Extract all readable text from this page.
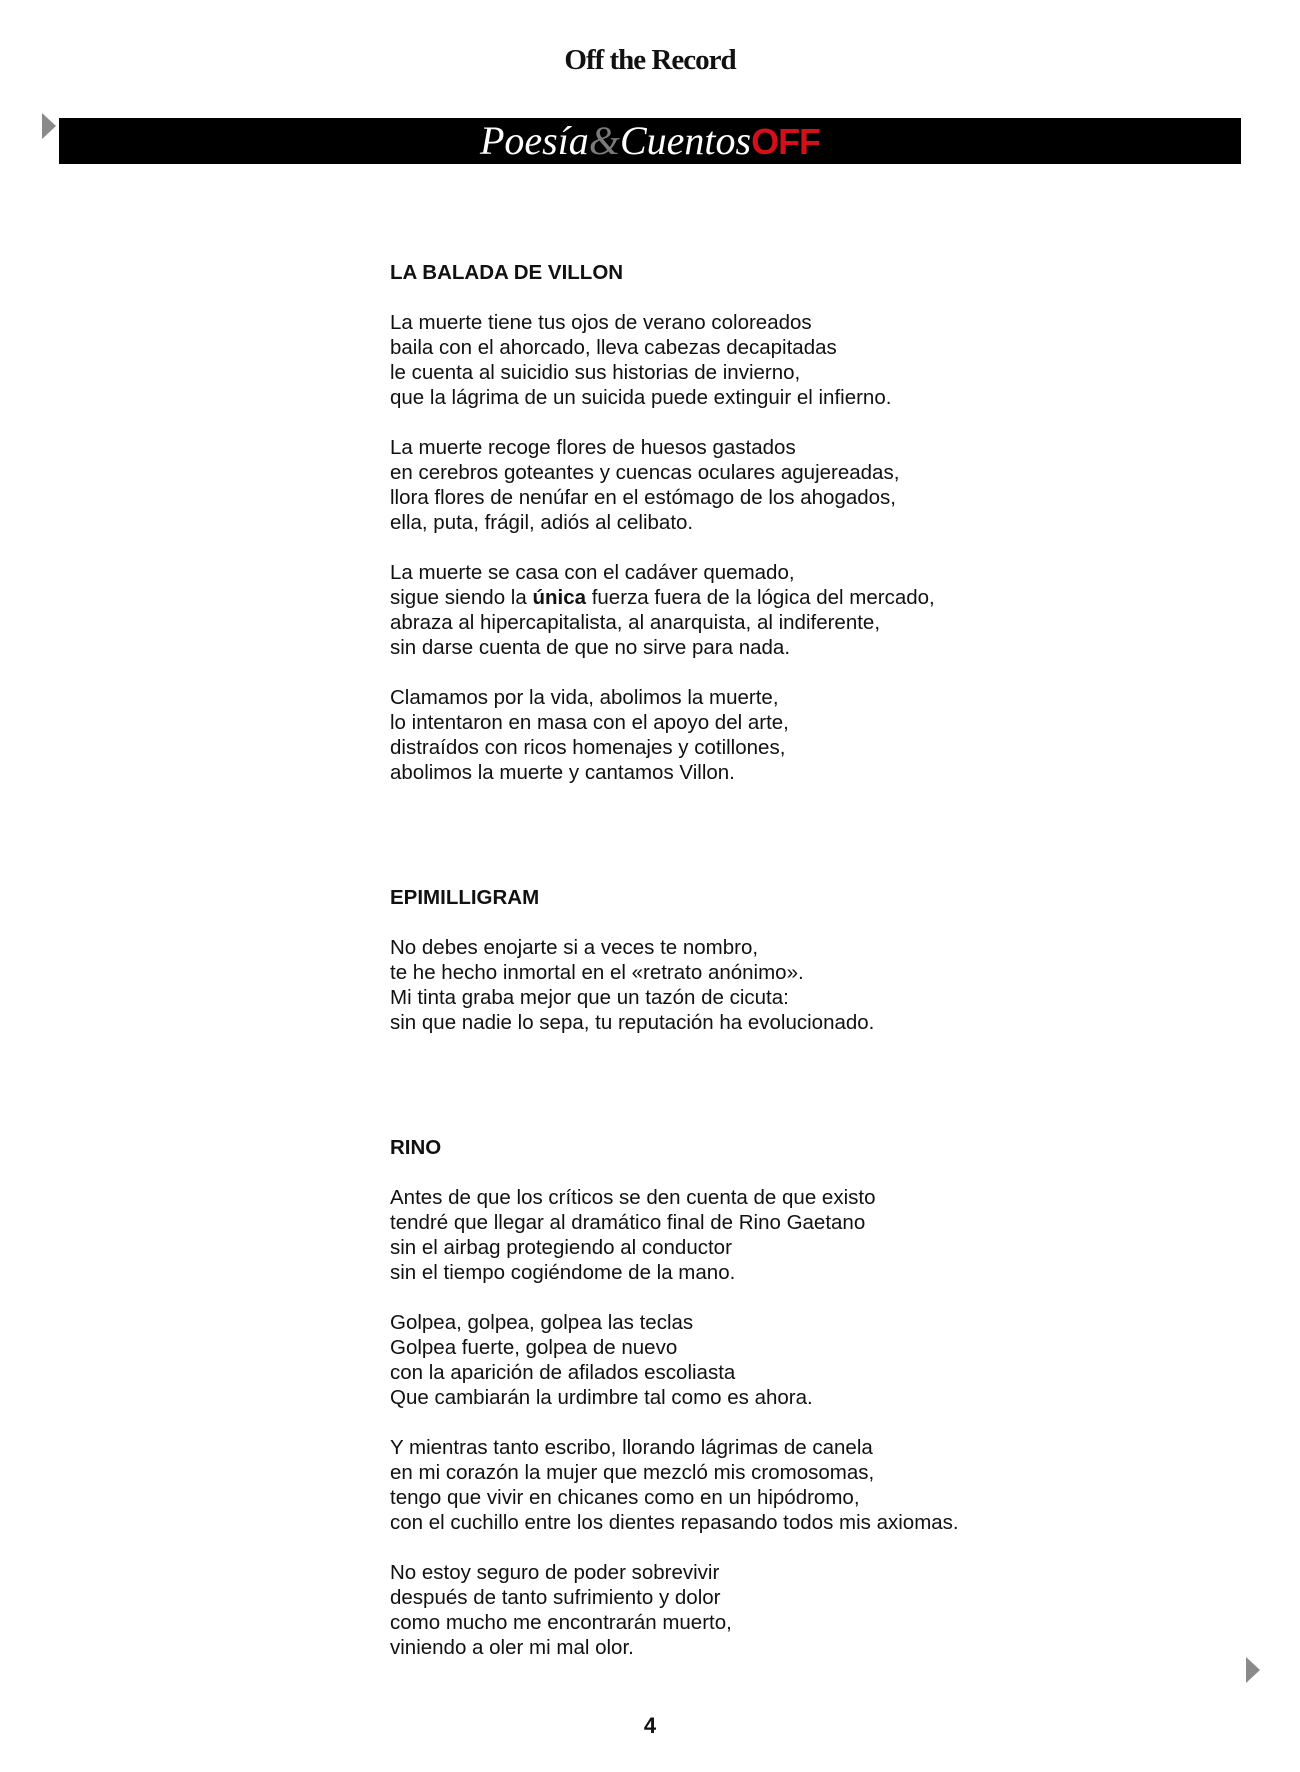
Off the Record
Poesía&CuentosOFF
LA BALADA DE VILLON
La muerte tiene tus ojos de verano coloreados
baila con el ahorcado, lleva cabezas decapitadas
le cuenta al suicidio sus historias de invierno,
que la lágrima de un suicida puede extinguir el infierno.
La muerte recoge flores de huesos gastados
en cerebros goteantes y cuencas oculares agujereadas,
llora flores de nenúfar en el estómago de los ahogados,
ella, puta, frágil, adiós al celibato.
La muerte se casa con el cadáver quemado,
sigue siendo la única fuerza fuera de la lógica del mercado,
abraza al hipercapitalista, al anarquista, al indiferente,
sin darse cuenta de que no sirve para nada.
Clamamos por la vida, abolimos la muerte,
lo intentaron en masa con el apoyo del arte,
distraídos con ricos homenajes y cotillones,
abolimos la muerte y cantamos Villon.
EPIMILLIGRAM
No debes enojarte si a veces te nombro,
te he hecho inmortal en el «retrato anónimo».
Mi tinta graba mejor que un tazón de cicuta:
sin que nadie lo sepa, tu reputación ha evolucionado.
RINO
Antes de que los críticos se den cuenta de que existo
tendré que llegar al dramático final de Rino Gaetano
sin el airbag protegiendo al conductor
sin el tiempo cogiéndome de la mano.
Golpea, golpea, golpea las teclas
Golpea fuerte, golpea de nuevo
con la aparición de afilados escoliasta
Que cambiarán la urdimbre tal como es ahora.
Y mientras tanto escribo, llorando lágrimas de canela
en mi corazón la mujer que mezcló mis cromosomas,
tengo que vivir en chicanes como en un hipódromo,
con el cuchillo entre los dientes repasando todos mis axiomas.
No estoy seguro de poder sobrevivir
después de tanto sufrimiento y dolor
como mucho me encontrarán muerto,
viniendo a oler mi mal olor.
4
